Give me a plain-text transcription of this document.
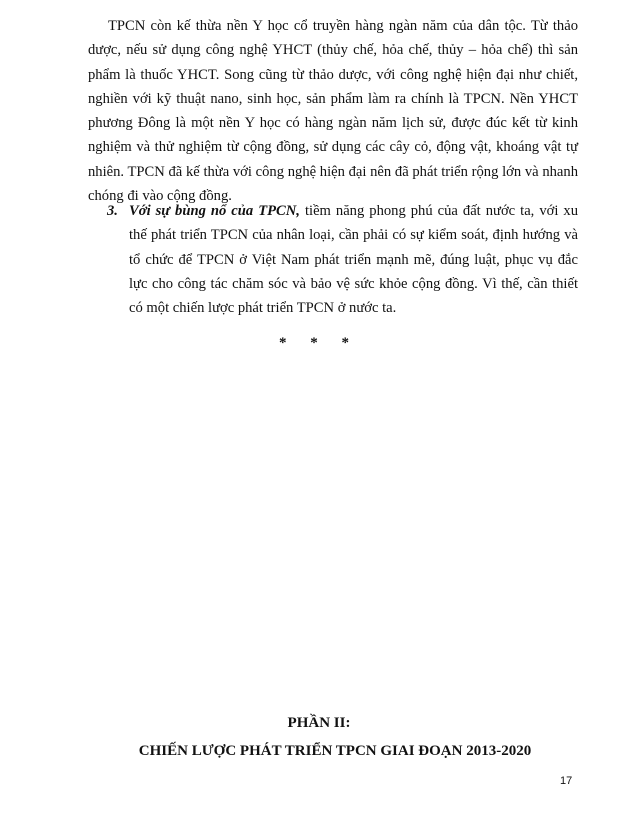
TPCN còn kế thừa nền Y học cổ truyền hàng ngàn năm của dân tộc. Từ thảo dược, nếu sử dụng công nghệ YHCT (thủy chế, hỏa chế, thủy – hỏa chế) thì sản phẩm là thuốc YHCT. Song cũng từ thảo dược, với công nghệ hiện đại như chiết, nghiền với kỹ thuật nano, sinh học, sản phẩm làm ra chính là TPCN. Nền YHCT phương Đông là một nền Y học có hàng ngàn năm lịch sử, được đúc kết từ kinh nghiệm và thử nghiệm từ cộng đồng, sử dụng các cây cỏ, động vật, khoáng vật tự nhiên. TPCN đã kế thừa với công nghệ hiện đại nên đã phát triển rộng lớn và nhanh chóng đi vào cộng đồng.

3. Với sự bùng nổ của TPCN, tiềm năng phong phú của đất nước ta, với xu thế phát triển TPCN của nhân loại, cần phải có sự kiểm soát, định hướng và tổ chức để TPCN ở Việt Nam phát triển mạnh mẽ, đúng luật, phục vụ đắc lực cho công tác chăm sóc và bảo vệ sức khỏe cộng đồng. Vì thế, cần thiết có một chiến lược phát triển TPCN ở nước ta.

* * *
PHẦN II:
CHIẾN LƯỢC PHÁT TRIỂN TPCN GIAI ĐOẠN 2013-2020
17
